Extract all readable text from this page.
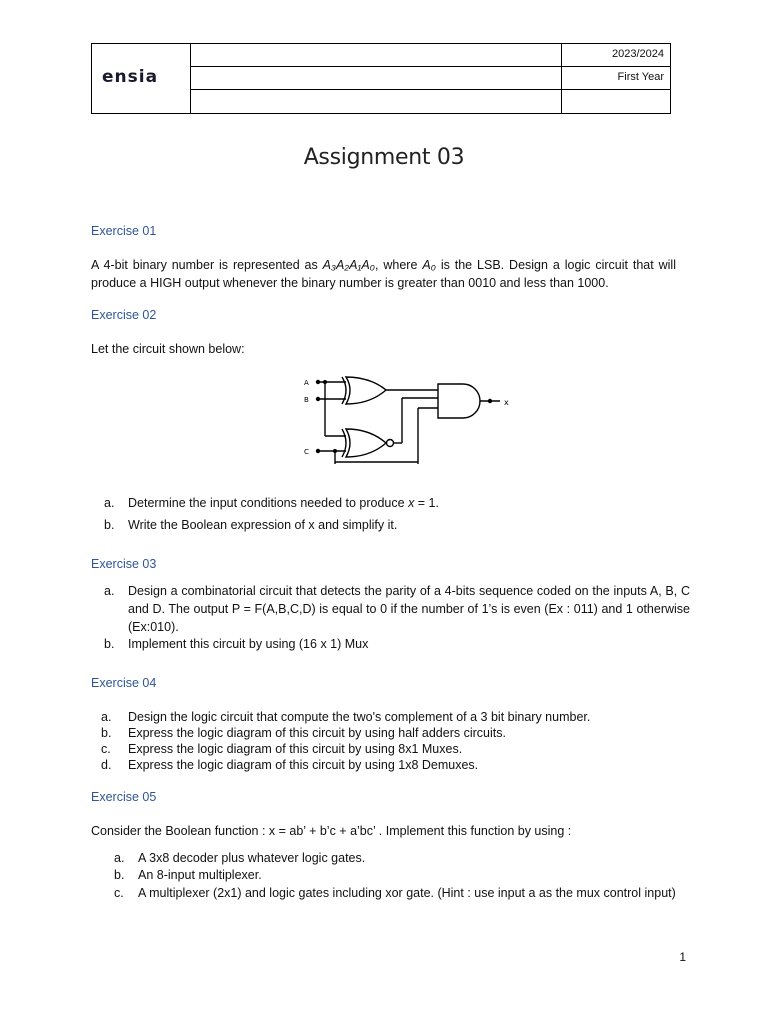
ensia
2023/2024
First Year
Assignment 03
Exercise 01
A 4-bit binary number is represented as A₃A₂A₁A₀, where A₀ is the LSB. Design a logic circuit that will produce a HIGH output whenever the binary number is greater than 0010 and less than 1000.
Exercise 02
Let the circuit shown below:
A
B
C
x
a. Determine the input conditions needed to produce x = 1.
b. Write the Boolean expression of x and simplify it.
Exercise 03
a. Design a combinatorial circuit that detects the parity of a 4-bits sequence coded on the inputs A, B, C and D. The output P = F(A,B,C,D) is equal to 0 if the number of 1’s is even (Ex : 011) and 1 otherwise (Ex:010).
b. Implement this circuit by using (16 x 1) Mux
Exercise 04
a. Design the logic circuit that compute the two's complement of a 3 bit binary number.
b. Express the logic diagram of this circuit by using half adders circuits.
c. Express the logic diagram of this circuit by using 8x1 Muxes.
d. Express the logic diagram of this circuit by using 1x8 Demuxes.
Exercise 05
Consider the Boolean function : x = ab’ + b’c + a’bc’ . Implement this function by using :
a. A 3x8 decoder plus whatever logic gates.
b. An 8-input multiplexer.
c. A multiplexer (2x1) and logic gates including xor gate. (Hint : use input a as the mux control input)
1
